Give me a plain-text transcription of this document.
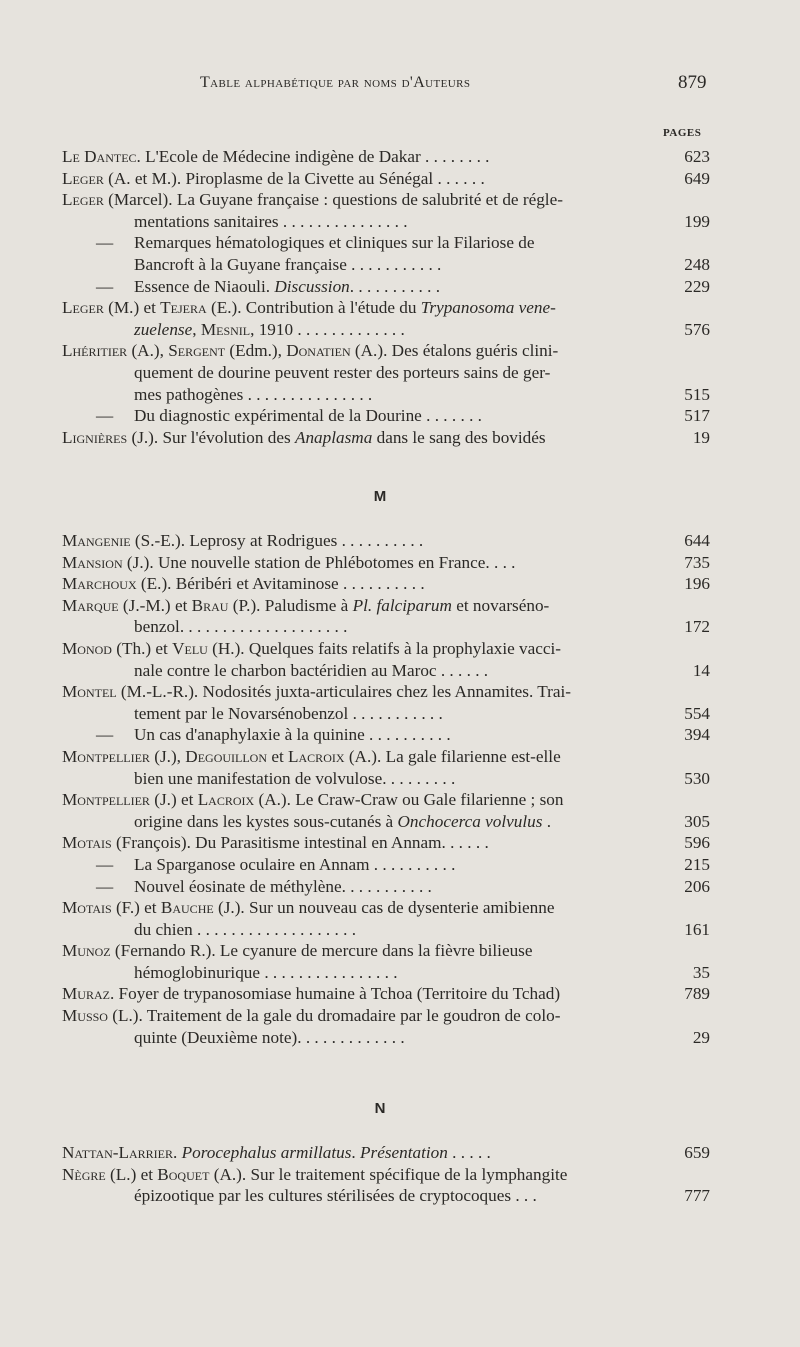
Table alphabétique par noms d'Auteurs	879
PAGES
Le Dantec. L'Ecole de Médecine indigène de Dakar . . . . . . . .	623
Leger (A. et M.). Piroplasme de la Civette au Sénégal . . . . . .	649
Leger (Marcel). La Guyane française : questions de salubrité et de régle-
mentations sanitaires . . . . . . . . . . . . . . .	199
— Remarques hématologiques et cliniques sur la Filariose de
Bancroft à la Guyane française . . . . . . . . . . .	248
— Essence de Niaouli. Discussion. . . . . . . . . . .	229
Leger (M.) et Tejera (E.). Contribution à l'étude du Trypanosoma vene-
zuelense, Mesnil, 1910 . . . . . . . . . . . . .	576
Lhéritier (A.), Sergent (Edm.), Donatien (A.). Des étalons guéris clini-
quement de dourine peuvent rester des porteurs sains de ger-
mes pathogènes . . . . . . . . . . . . . . .	515
— Du diagnostic expérimental de la Dourine . . . . . . .	517
Lignières (J.). Sur l'évolution des Anaplasma dans le sang des bovidés	19
M
Mangenie (S.-E.). Leprosy at Rodrigues . . . . . . . . . .	644
Mansion (J.). Une nouvelle station de Phlébotomes en France. . . .	735
Marchoux (E.). Béribéri et Avitaminose . . . . . . . . . .	196
Marque (J.-M.) et Brau (P.). Paludisme à Pl. falciparum et novarséno-
benzol. . . . . . . . . . . . . . . . . . . .	172
Monod (Th.) et Velu (H.). Quelques faits relatifs à la prophylaxie vacci-
nale contre le charbon bactéridien au Maroc . . . . . .	14
Montel (M.-L.-R.). Nodosités juxta-articulaires chez les Annamites. Trai-
tement par le Novarsénobenzol . . . . . . . . . . .	554
— Un cas d'anaphylaxie à la quinine . . . . . . . . . .	394
Montpellier (J.), Degouillon et Lacroix (A.). La gale filarienne est-elle
bien une manifestation de volvulose. . . . . . . . .	530
Montpellier (J.) et Lacroix (A.). Le Craw-Craw ou Gale filarienne ; son
origine dans les kystes sous-cutanés à Onchocerca volvulus .	305
Motais (François). Du Parasitisme intestinal en Annam. . . . . .	596
— La Sparganose oculaire en Annam . . . . . . . . . .	215
— Nouvel éosinate de méthylène. . . . . . . . . . .	206
Motais (F.) et Bauche (J.). Sur un nouveau cas de dysenterie amibienne
du chien . . . . . . . . . . . . . . . . . . .	161
Munoz (Fernando R.). Le cyanure de mercure dans la fièvre bilieuse
hémoglobinurique . . . . . . . . . . . . . . . .	35
Muraz. Foyer de trypanosomiase humaine à Tchoa (Territoire du Tchad)	789
Musso (L.). Traitement de la gale du dromadaire par le goudron de colo-
quinte (Deuxième note). . . . . . . . . . . . .	29
N
Nattan-Larrier. Porocephalus armillatus. Présentation . . . . .	659
Nègre (L.) et Boquet (A.). Sur le traitement spécifique de la lymphangite
épizootique par les cultures stérilisées de cryptocoques . . .	777
